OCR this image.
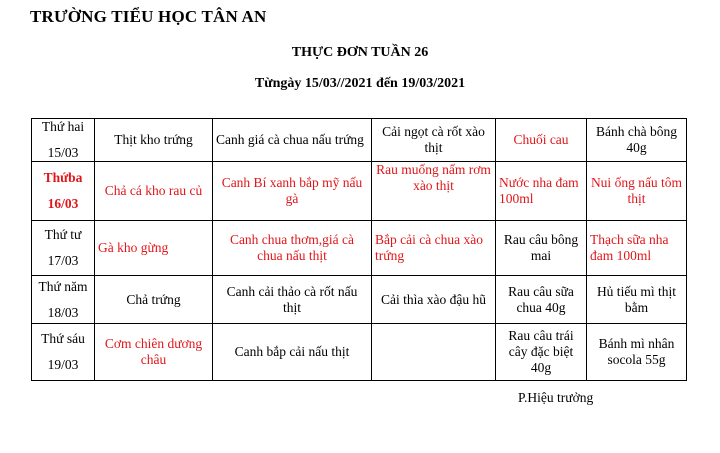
TRƯỜNG TIỂU HỌC TÂN AN
THỰC ĐƠN TUẦN 26
Từngày 15/03//2021 đến 19/03/2021
Thứ hai
15/03	Thịt kho trứng	Canh giá cà chua nấu trứng	Cải ngọt cà rốt xào thịt	Chuối cau	Bánh chà bông 40g

Thứba
16/03	Chả cá kho rau củ	Canh Bí xanh bắp mỹ nấu gà	Rau muống nấm rơm xào thịt	Nước nha đam 100ml	Nui ống nấu tôm thịt

Thứ tư
17/03	Gà kho gừng	Canh chua thơm,giá cà chua nấu thịt	Bắp cải cà chua xào trứng	Rau câu bông mai	Thạch sữa nha đam 100ml

Thứ năm
18/03	Chả trứng	Canh cải thảo cà rốt nấu thịt	Cải thìa xào đậu hũ	Rau câu sữa chua 40g	Hủ tiếu mì thịt bằm

Thứ sáu
19/03	Cơm chiên dương châu	Canh bắp cải nấu thịt		Rau câu trái cây đặc biệt 40g	Bánh mì nhân socola 55g
P.Hiệu trưởng
